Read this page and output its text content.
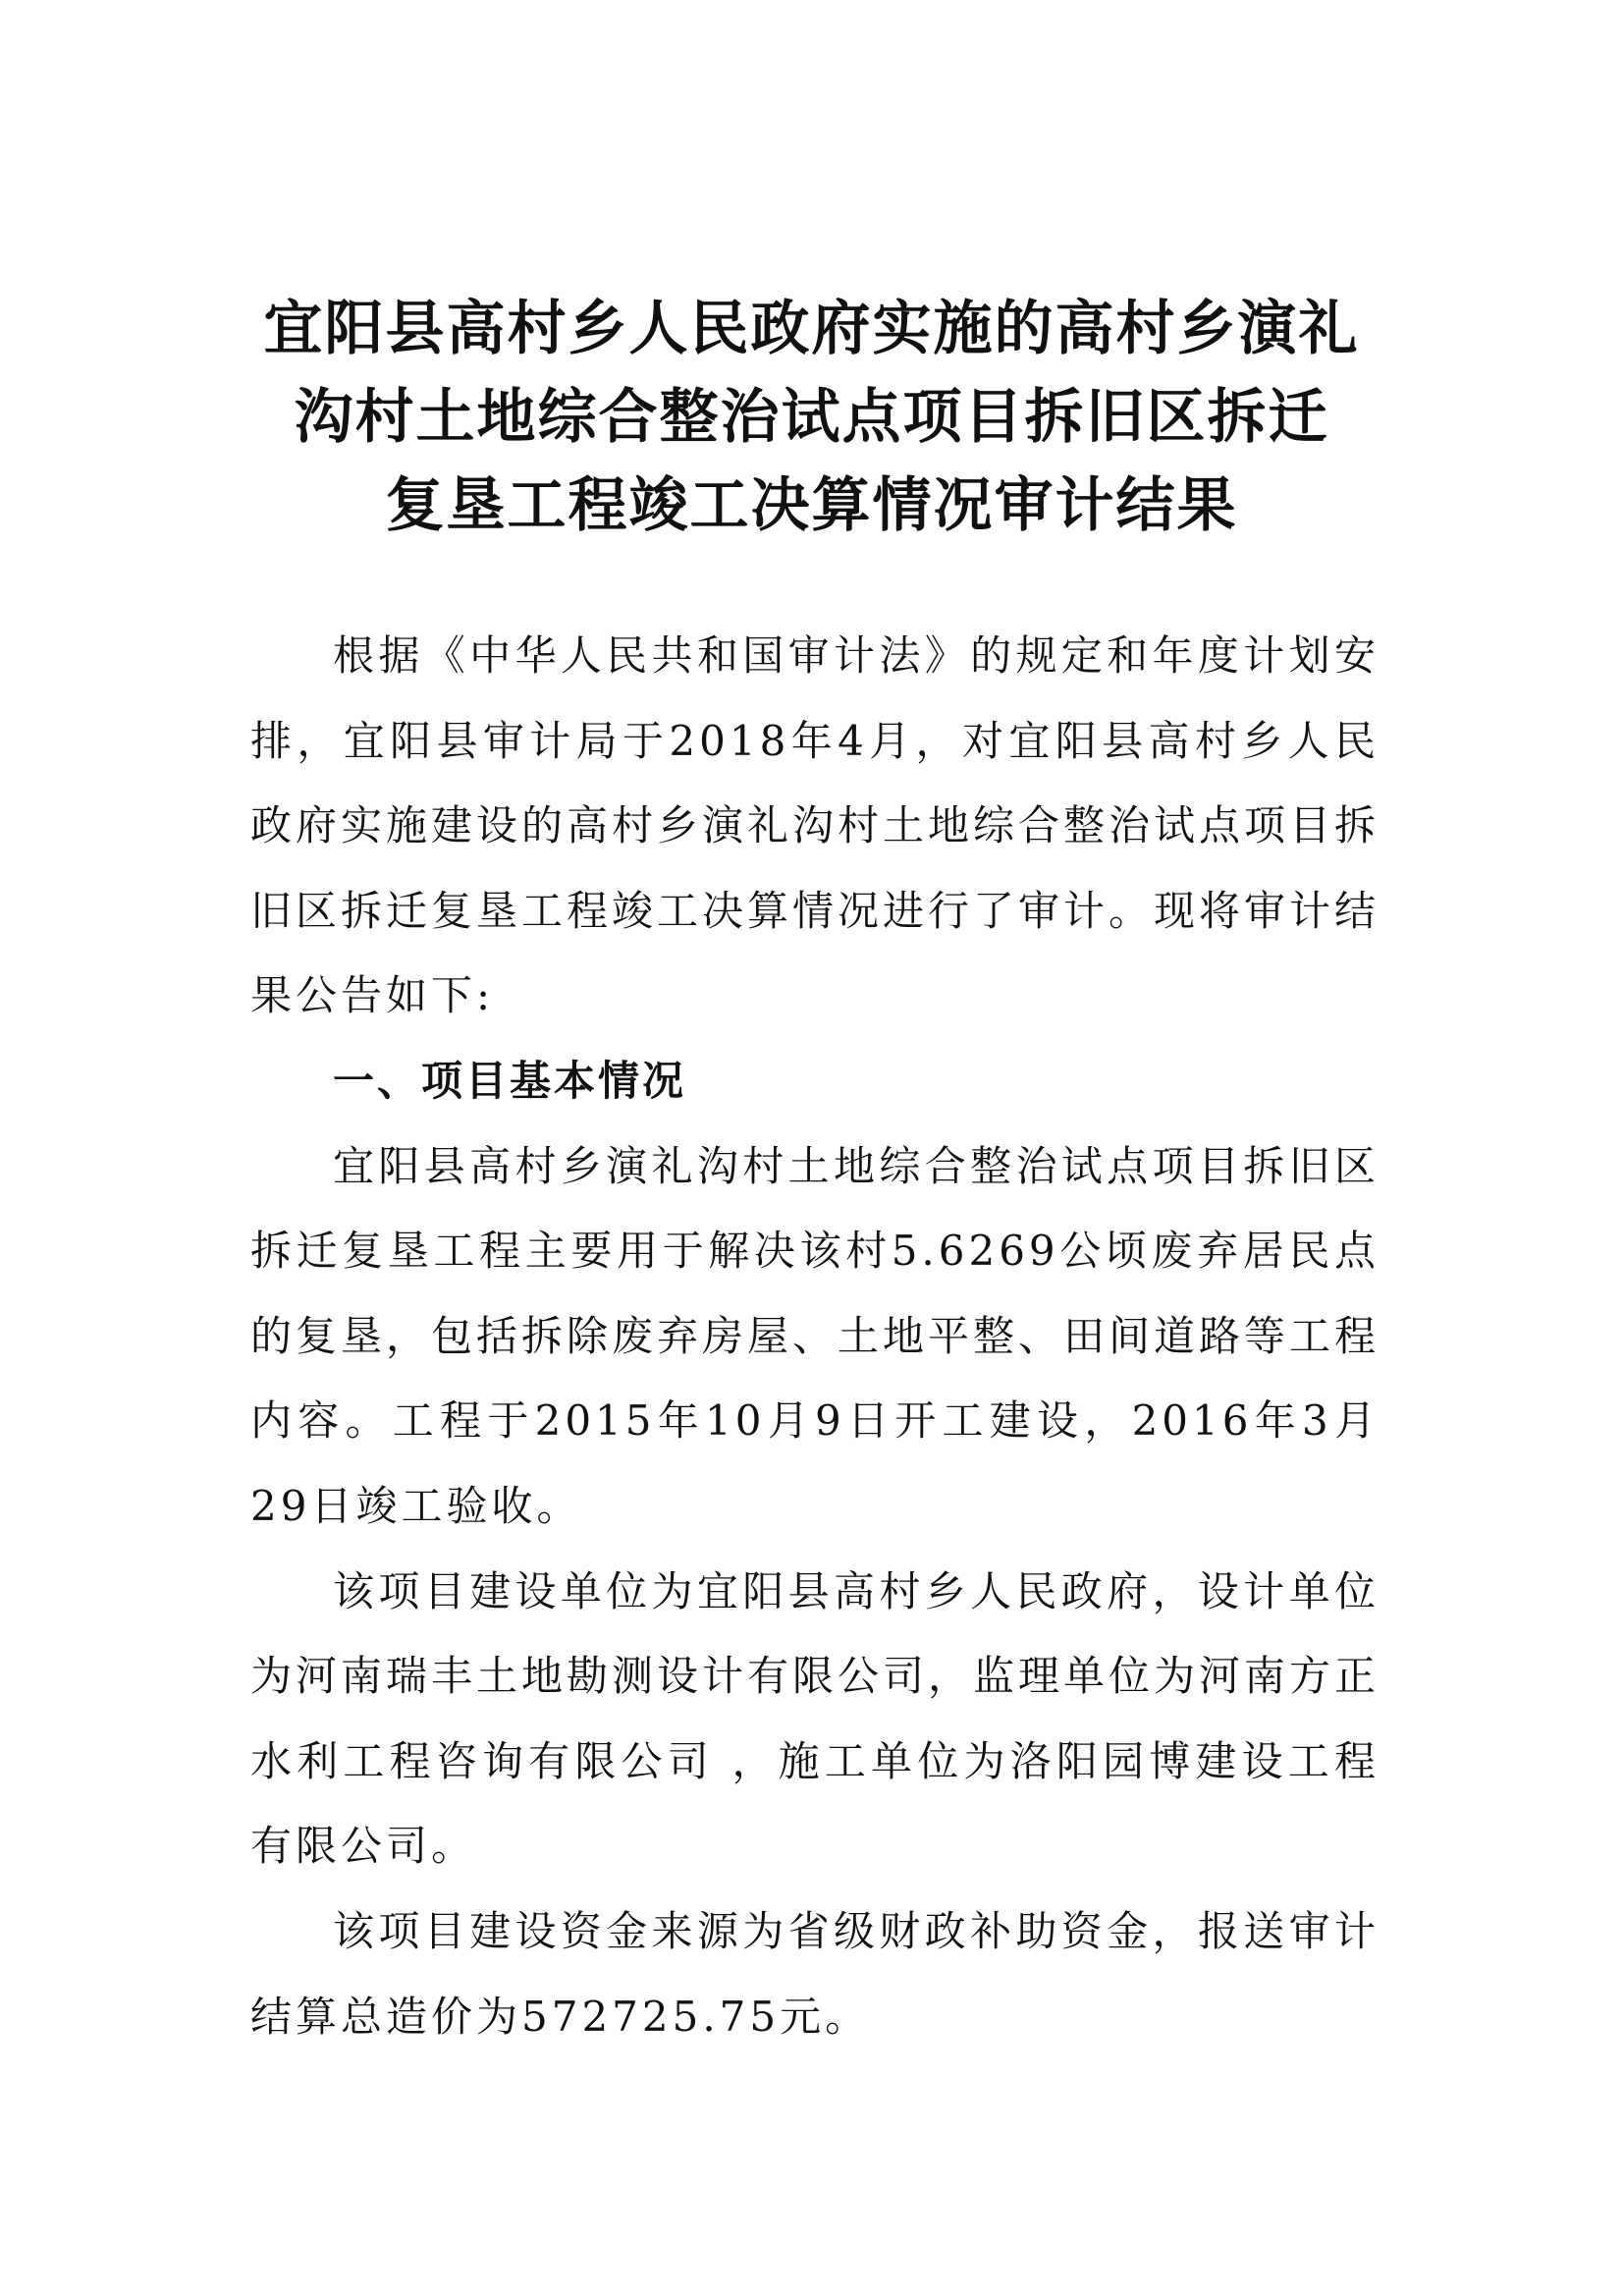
宜阳县高村乡人民政府实施的高村乡演礼
沟村土地综合整治试点项目拆旧区拆迁
复垦工程竣工决算情况审计结果

根据《中华人民共和国审计法》的规定和年度计划安排，宜阳县审计局于2018年4月，对宜阳县高村乡人民政府实施建设的高村乡演礼沟村土地综合整治试点项目拆旧区拆迁复垦工程竣工决算情况进行了审计。现将审计结果公告如下:

一、项目基本情况

宜阳县高村乡演礼沟村土地综合整治试点项目拆旧区拆迁复垦工程主要用于解决该村5.6269公顷废弃居民点的复垦，包括拆除废弃房屋、土地平整、田间道路等工程内容。工程于2015年10月9日开工建设，2016年3月29日竣工验收。

该项目建设单位为宜阳县高村乡人民政府，设计单位为河南瑞丰土地勘测设计有限公司，监理单位为河南方正水利工程咨询有限公司 ，施工单位为洛阳园博建设工程有限公司。

该项目建设资金来源为省级财政补助资金，报送审计结算总造价为572725.75元。
